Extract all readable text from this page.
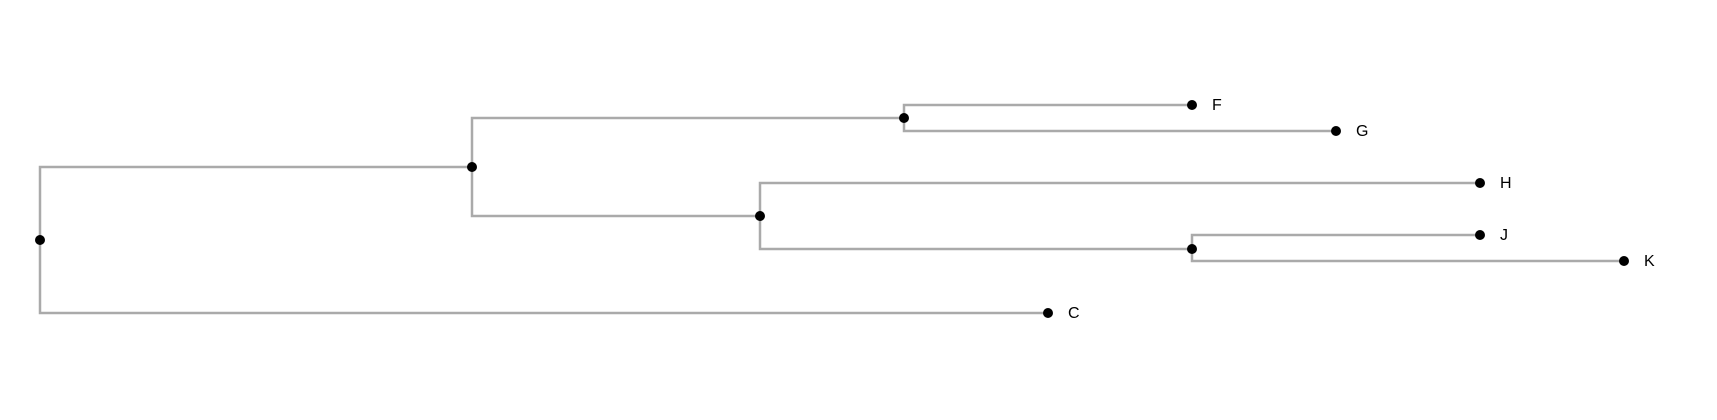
F
G
H
J
K
C
